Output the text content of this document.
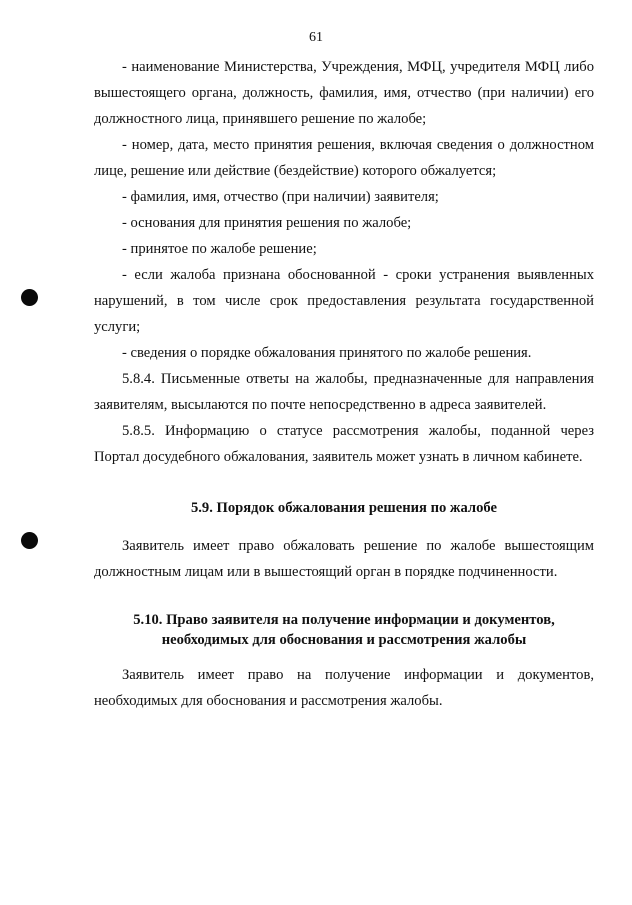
61

- наименование Министерства, Учреждения, МФЦ, учредителя МФЦ либо вышестоящего органа, должность, фамилия, имя, отчество (при наличии) его должностного лица, принявшего решение по жалобе;

- номер, дата, место принятия решения, включая сведения о должностном лице, решение или действие (бездействие) которого обжалуется;

- фамилия, имя, отчество (при наличии) заявителя;

- основания для принятия решения по жалобе;

- принятое по жалобе решение;

- если жалоба признана обоснованной - сроки устранения выявленных нарушений, в том числе срок предоставления результата государственной услуги;

- сведения о порядке обжалования принятого по жалобе решения.

5.8.4. Письменные ответы на жалобы, предназначенные для направления заявителям, высылаются по почте непосредственно в адреса заявителей.

5.8.5. Информацию о статусе рассмотрения жалобы, поданной через Портал досудебного обжалования, заявитель может узнать в личном кабинете.

5.9. Порядок обжалования решения по жалобе

Заявитель имеет право обжаловать решение по жалобе вышестоящим должностным лицам или в вышестоящий орган в порядке подчиненности.

5.10. Право заявителя на получение информации и документов,
необходимых для обоснования и рассмотрения жалобы

Заявитель имеет право на получение информации и документов, необходимых для обоснования и рассмотрения жалобы.
